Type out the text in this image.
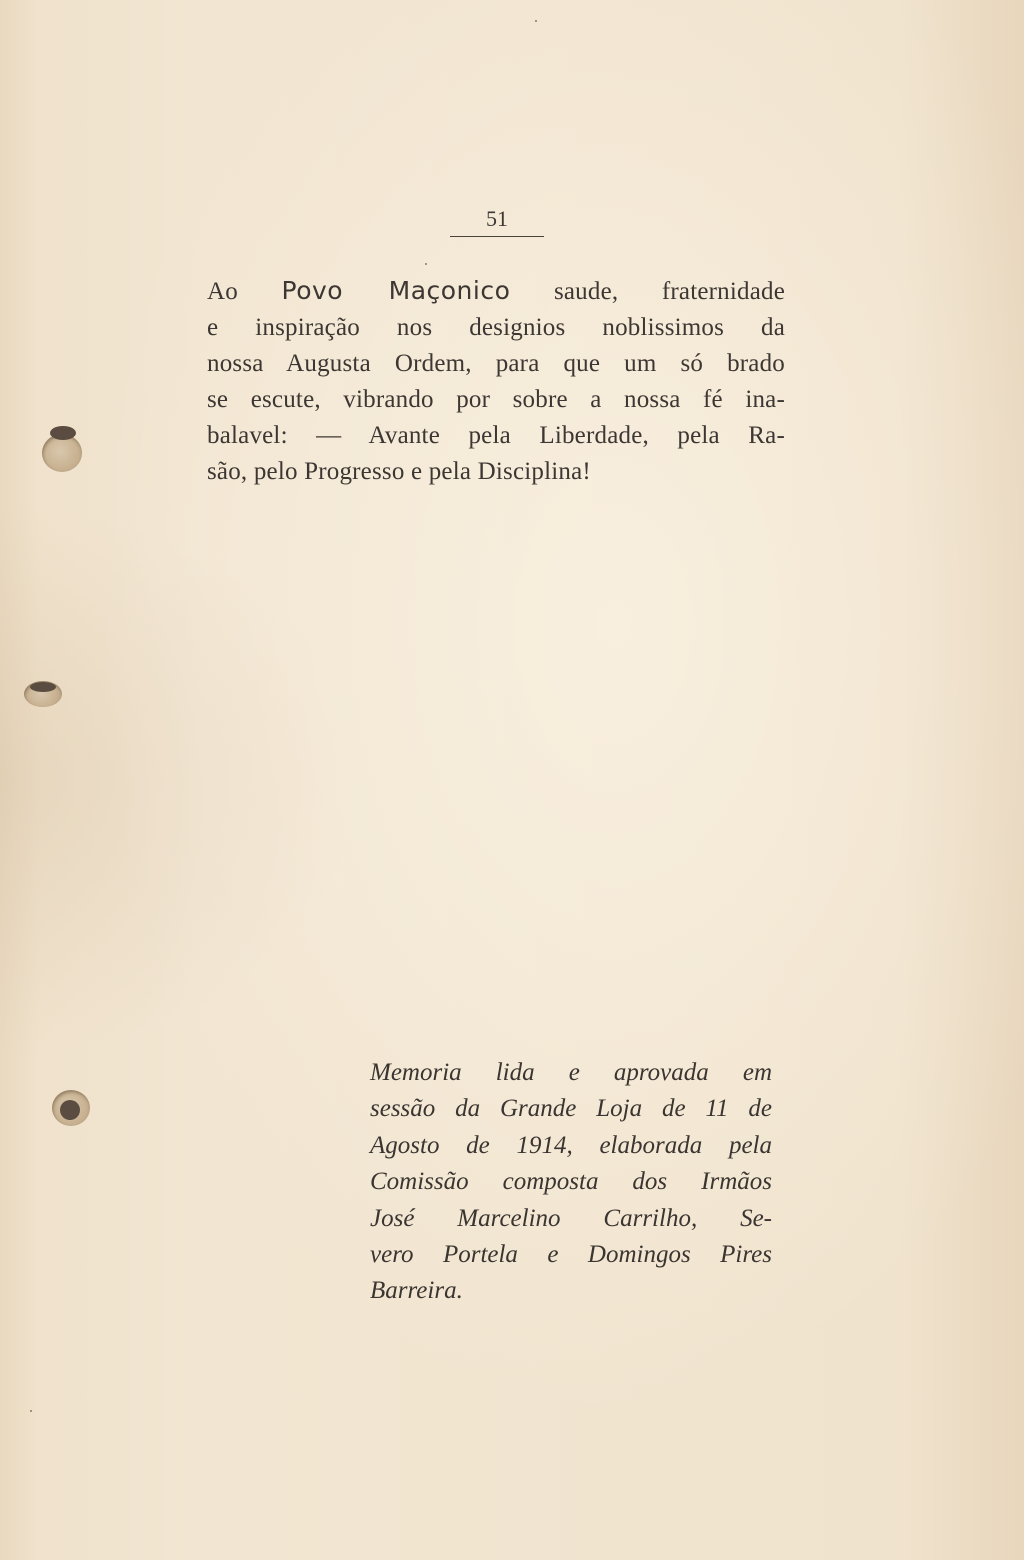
51
Ao Povo Maçonico saude, fraternidade
e inspiração nos designios noblissimos da
nossa Augusta Ordem, para que um só brado
se escute, vibrando por sobre a nossa fé ina-
balavel: — Avante pela Liberdade, pela Ra-
são, pelo Progresso e pela Disciplina!
Memoria lida e aprovada em
sessão da Grande Loja de 11 de
Agosto de 1914, elaborada pela
Comissão composta dos Irmãos
José Marcelino Carrilho, Se-
vero Portela e Domingos Pires
Barreira.
